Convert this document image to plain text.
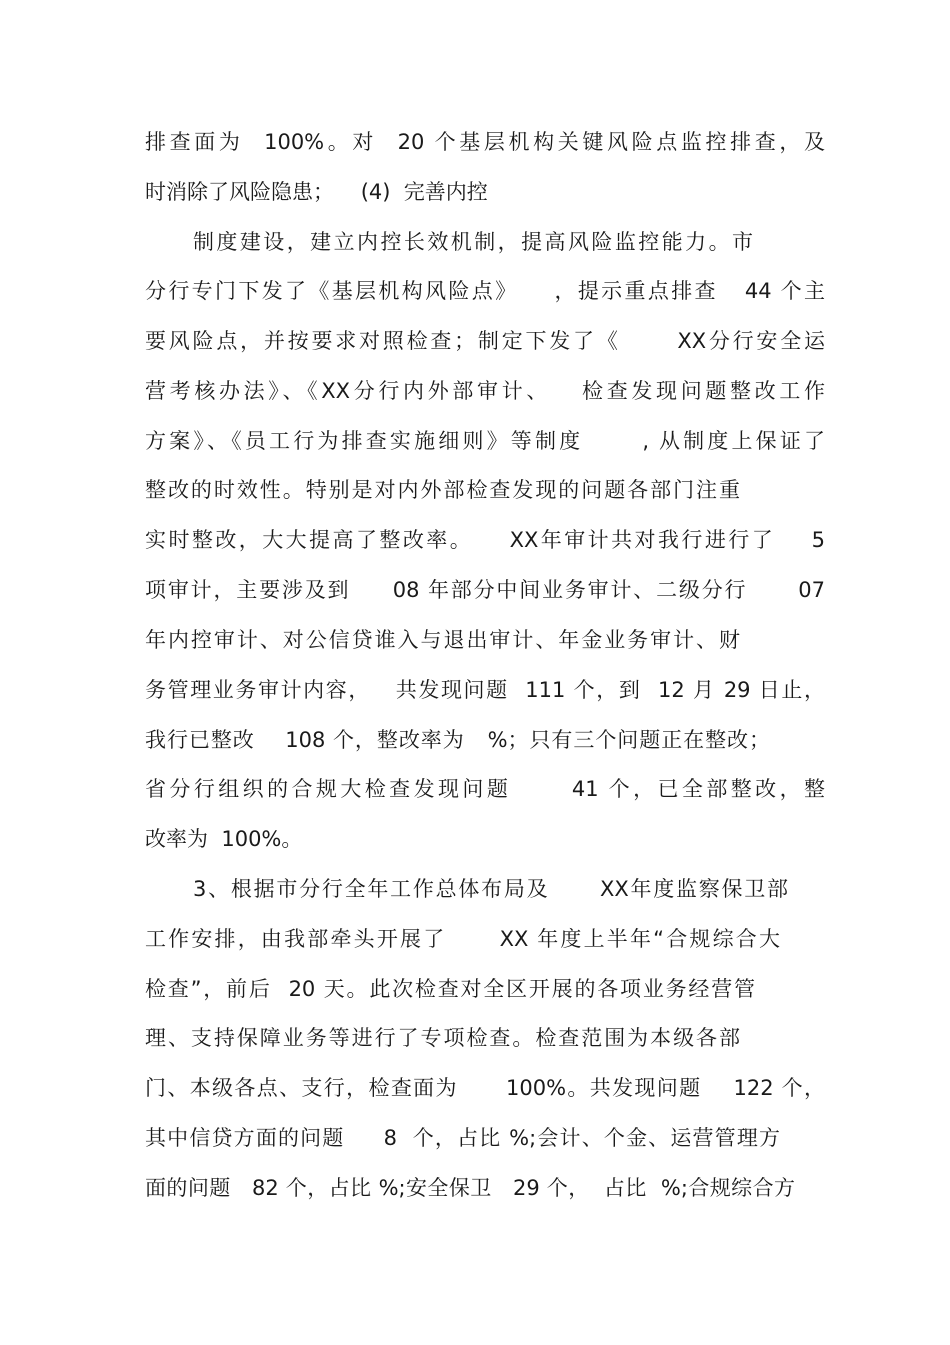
排查面为  100%。对  20 个基层机构关键风险点监控排查，及
时消除了风险隐患；    (4)  完善内控
制度建设，建立内控长效机制，提高风险监控能力。市
分行专门下发了《基层机构风险点》    ，提示重点排查   44 个主
要风险点，并按要求对照检查；制定下发了《      XX分行安全运
营考核办法》、《XX分行内外部审计、   检查发现问题整改工作
方案》、《员工行为排查实施细则》等制度      , 从制度上保证了
整改的时效性。特别是对内外部检查发现的问题各部门注重
实时整改，大大提高了整改率。    XX年审计共对我行进行了    5
项审计，主要涉及到     08 年部分中间业务审计、二级分行      07
年内控审计、对公信贷谁入与退出审计、年金业务审计、财
务管理业务审计内容，   共发现问题  111 个，到  12 月 29 日止，
我行已整改    108 个，整改率为   %；只有三个问题正在整改；
省分行组织的合规大检查发现问题      41 个，已全部整改，整
改率为  100%。
3、根据市分行全年工作总体布局及      XX年度监察保卫部
工作安排，由我部牵头开展了      XX 年度上半年“合规综合大
检查”，前后  20 天。此次检查对全区开展的各项业务经营管
理、支持保障业务等进行了专项检查。检查范围为本级各部
门、本级各点、支行，检查面为      100%。共发现问题    122 个，
其中信贷方面的问题     8  个，占比 %;会计、个金、运营管理方
面的问题   82 个，占比 %;安全保卫   29 个，  占比  %;合规综合方
